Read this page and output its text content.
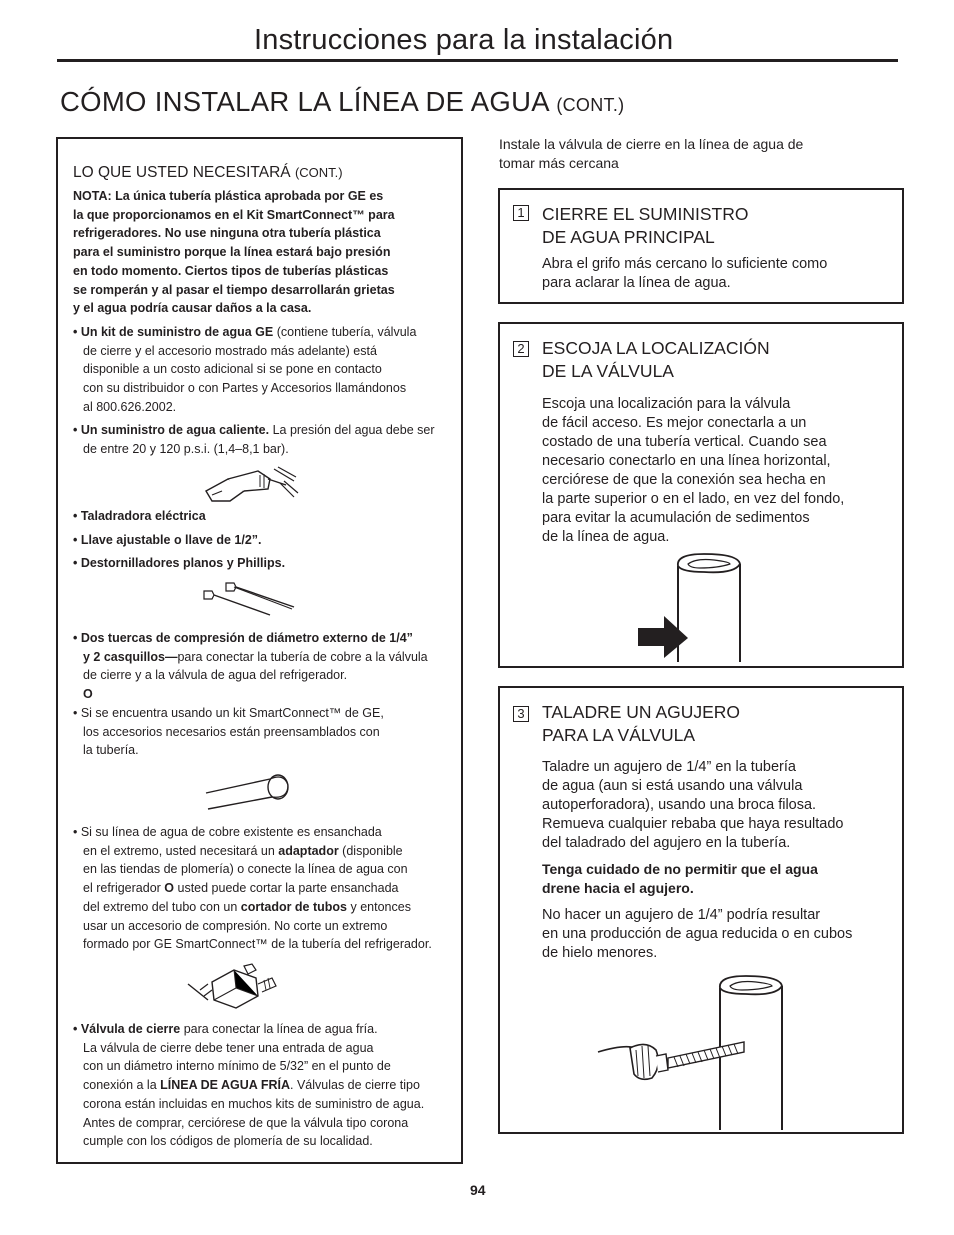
Instrucciones para la instalación
CÓMO INSTALAR LA LÍNEA DE AGUA (CONT.)
LO QUE USTED NECESITARÁ (CONT.)
NOTA: La única tubería plástica aprobada por GE es
la que proporcionamos en el Kit SmartConnect™ para
refrigeradores. No use ninguna otra tubería plástica
para el suministro porque la línea estará bajo presión
en todo momento. Ciertos tipos de tuberías plásticas
se romperán y al pasar el tiempo desarrollarán grietas
y el agua podría causar daños a la casa.
• Un kit de suministro de agua GE (contiene tubería, válvula
de cierre y el accesorio mostrado más adelante) está
disponible a un costo adicional si se pone en contacto
con su distribuidor o con Partes y Accesorios llamándonos
al 800.626.2002.
• Un suministro de agua caliente. La presión del agua debe ser
de entre 20 y 120 p.s.i. (1,4–8,1 bar).
• Taladradora eléctrica
• Llave ajustable o llave de 1/2”.
• Destornilladores planos y Phillips.
• Dos tuercas de compresión de diámetro externo de 1/4”
y 2 casquillos—para conectar la tubería de cobre a la válvula
de cierre y a la válvula de agua del refrigerador.
O
• Si se encuentra usando un kit SmartConnect™ de GE,
los accesorios necesarios están preensamblados con
la tubería.
• Si su línea de agua de cobre existente es ensanchada
en el extremo, usted necesitará un adaptador (disponible
en las tiendas de plomería) o conecte la línea de agua con
el refrigerador O usted puede cortar la parte ensanchada
del extremo del tubo con un cortador de tubos y entonces
usar un accesorio de compresión. No corte un extremo
formado por GE SmartConnect™ de la tubería del refrigerador.
• Válvula de cierre para conectar la línea de agua fría.
La válvula de cierre debe tener una entrada de agua
con un diámetro interno mínimo de 5/32” en el punto de
conexión a la LÍNEA DE AGUA FRÍA. Válvulas de cierre tipo
corona están incluidas en muchos kits de suministro de agua.
Antes de comprar, cerciórese de que la válvula tipo corona
cumple con los códigos de plomería de su localidad.
Instale la válvula de cierre en la línea de agua de
tomar más cercana
1 CIERRE EL SUMINISTRO
DE AGUA PRINCIPAL
Abra el grifo más cercano lo suficiente como
para aclarar la línea de agua.
2 ESCOJA LA LOCALIZACIÓN
DE LA VÁLVULA
Escoja una localización para la válvula
de fácil acceso. Es mejor conectarla a un
costado de una tubería vertical. Cuando sea
necesario conectarlo en una línea horizontal,
cerciórese de que la conexión sea hecha en
la parte superior o en el lado, en vez del fondo,
para evitar la acumulación de sedimentos
de la línea de agua.
3 TALADRE UN AGUJERO
PARA LA VÁLVULA
Taladre un agujero de 1/4” en la tubería
de agua (aun si está usando una válvula
autoperforadora), usando una broca filosa.
Remueva cualquier rebaba que haya resultado
del taladrado del agujero en la tubería.
Tenga cuidado de no permitir que el agua
drene hacia el agujero.
No hacer un agujero de 1/4” podría resultar
en una producción de agua reducida o en cubos
de hielo menores.
94
